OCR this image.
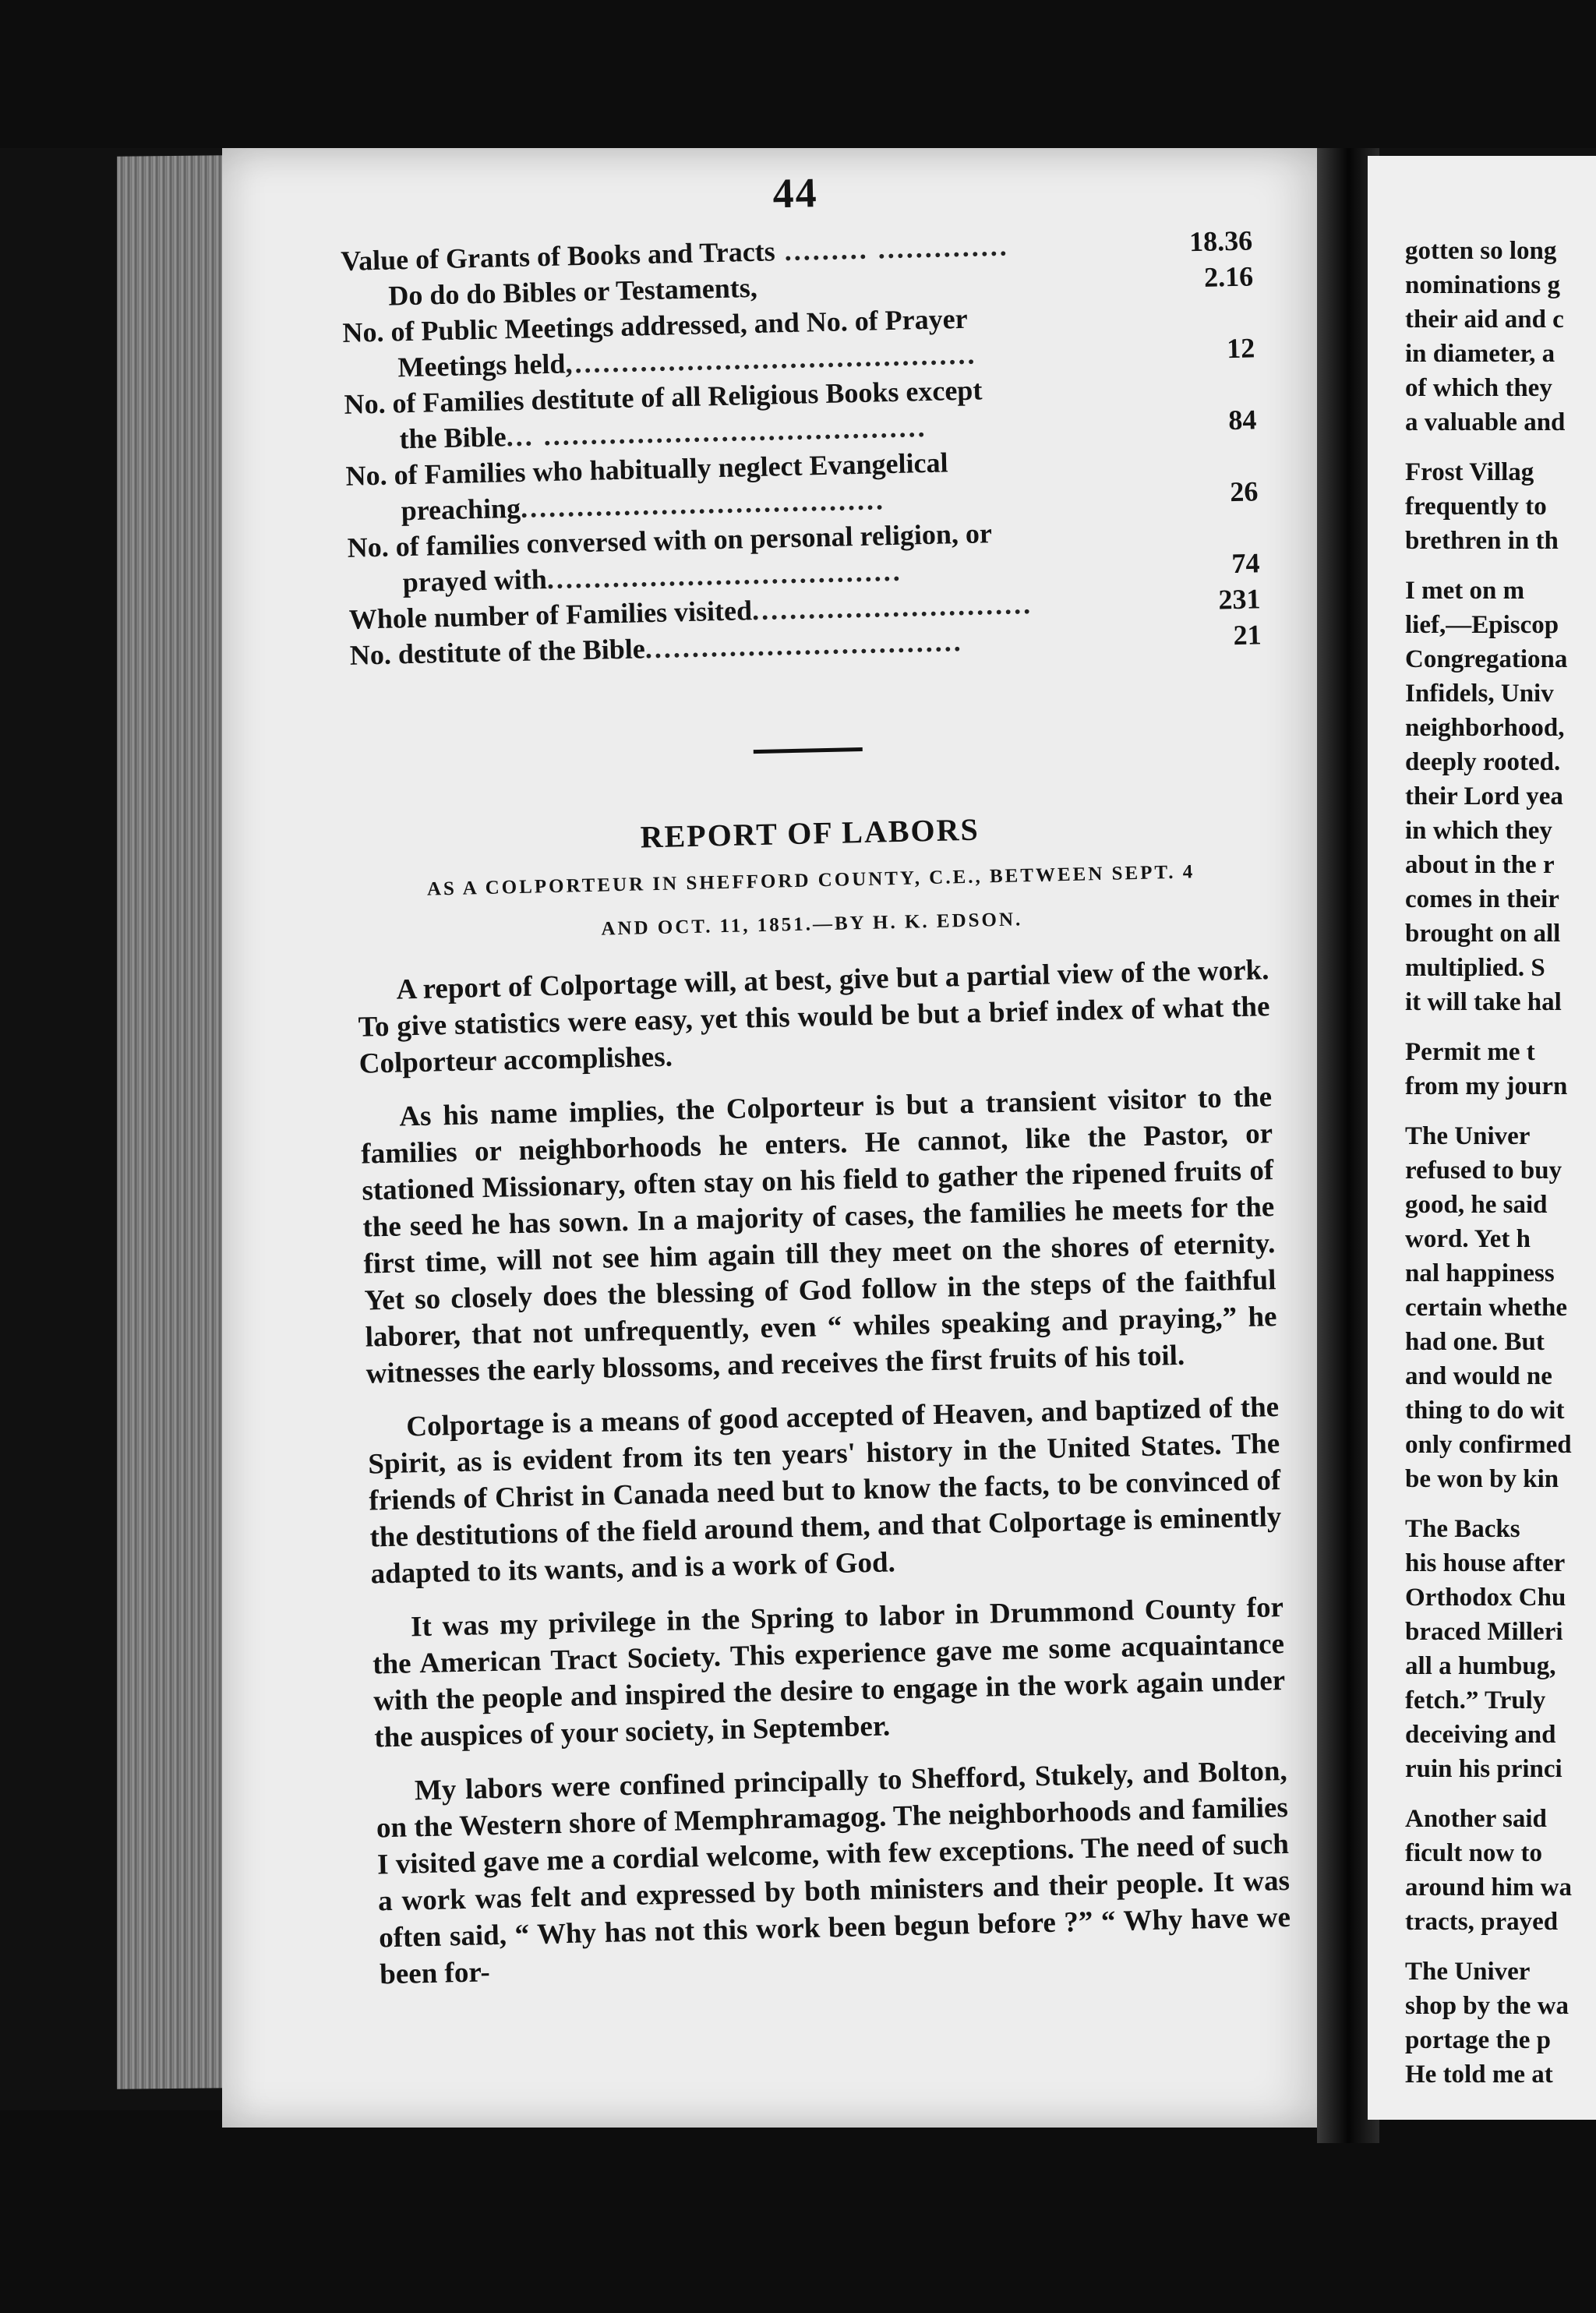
44
Value of Grants of Books and Tracts ......... ..............	18.36
Do do do Bibles or Testaments,	2.16
No. of Public Meetings addressed, and No. of Prayer
Meetings held,...........................................	12
No. of Families destitute of all Religious Books except
the Bible... .........................................	84
No. of Families who habitually neglect Evangelical
preaching.......................................	26
No. of families conversed with on personal religion, or
prayed with......................................	74
Whole number of Families visited..............................	231
No. destitute of the Bible..................................	21
REPORT OF LABORS
AS A COLPORTEUR IN SHEFFORD COUNTY, C.E., BETWEEN SEPT. 4
AND OCT. 11, 1851.—BY H. K. EDSON.

A report of Colportage will, at best, give but a partial view of the work. To give statistics were easy, yet this would be but a brief index of what the Colporteur accomplishes.

As his name implies, the Colporteur is but a transient visitor to the families or neighborhoods he enters. He cannot, like the Pastor, or stationed Missionary, often stay on his field to gather the ripened fruits of the seed he has sown. In a majority of cases, the families he meets for the first time, will not see him again till they meet on the shores of eternity. Yet so closely does the blessing of God follow in the steps of the faithful laborer, that not unfrequently, even “ whiles speaking and praying,” he witnesses the early blossoms, and receives the first fruits of his toil.

Colportage is a means of good accepted of Heaven, and baptized of the Spirit, as is evident from its ten years' history in the United States. The friends of Christ in Canada need but to know the facts, to be convinced of the destitutions of the field around them, and that Colportage is eminently adapted to its wants, and is a work of God.

It was my privilege in the Spring to labor in Drummond County for the American Tract Society. This experience gave me some acquaintance with the people and inspired the desire to engage in the work again under the auspices of your society, in September.

My labors were confined principally to Shefford, Stukely, and Bolton, on the Western shore of Memphramagog. The neighborhoods and families I visited gave me a cordial welcome, with few exceptions. The need of such a work was felt and expressed by both ministers and their people. It was often said, “ Why has not this work been begun before ?” “ Why have we been for-

gotten so long
nominations g
their aid and c
in diameter, a
of which they
a valuable and
Frost Villag
frequently to
brethren in th
I met on m
lief,—Episcop
Congregationa
Infidels, Univ
neighborhood,
deeply rooted.
their Lord yea
in which they
about in the r
comes in their
brought on all
multiplied. S
it will take hal
Permit me t
from my journ
The Univer
refused to buy
good, he said
word. Yet h
nal happiness
certain whethe
had one. But
and would ne
thing to do wit
only confirmed
be won by kin
The Backs
his house after
Orthodox Chu
braced Milleri
all a humbug,
fetch.” Truly
deceiving and
ruin his princi
Another said
ficult now to
around him wa
tracts, prayed
The Univer
shop by the wa
portage the p
He told me at
